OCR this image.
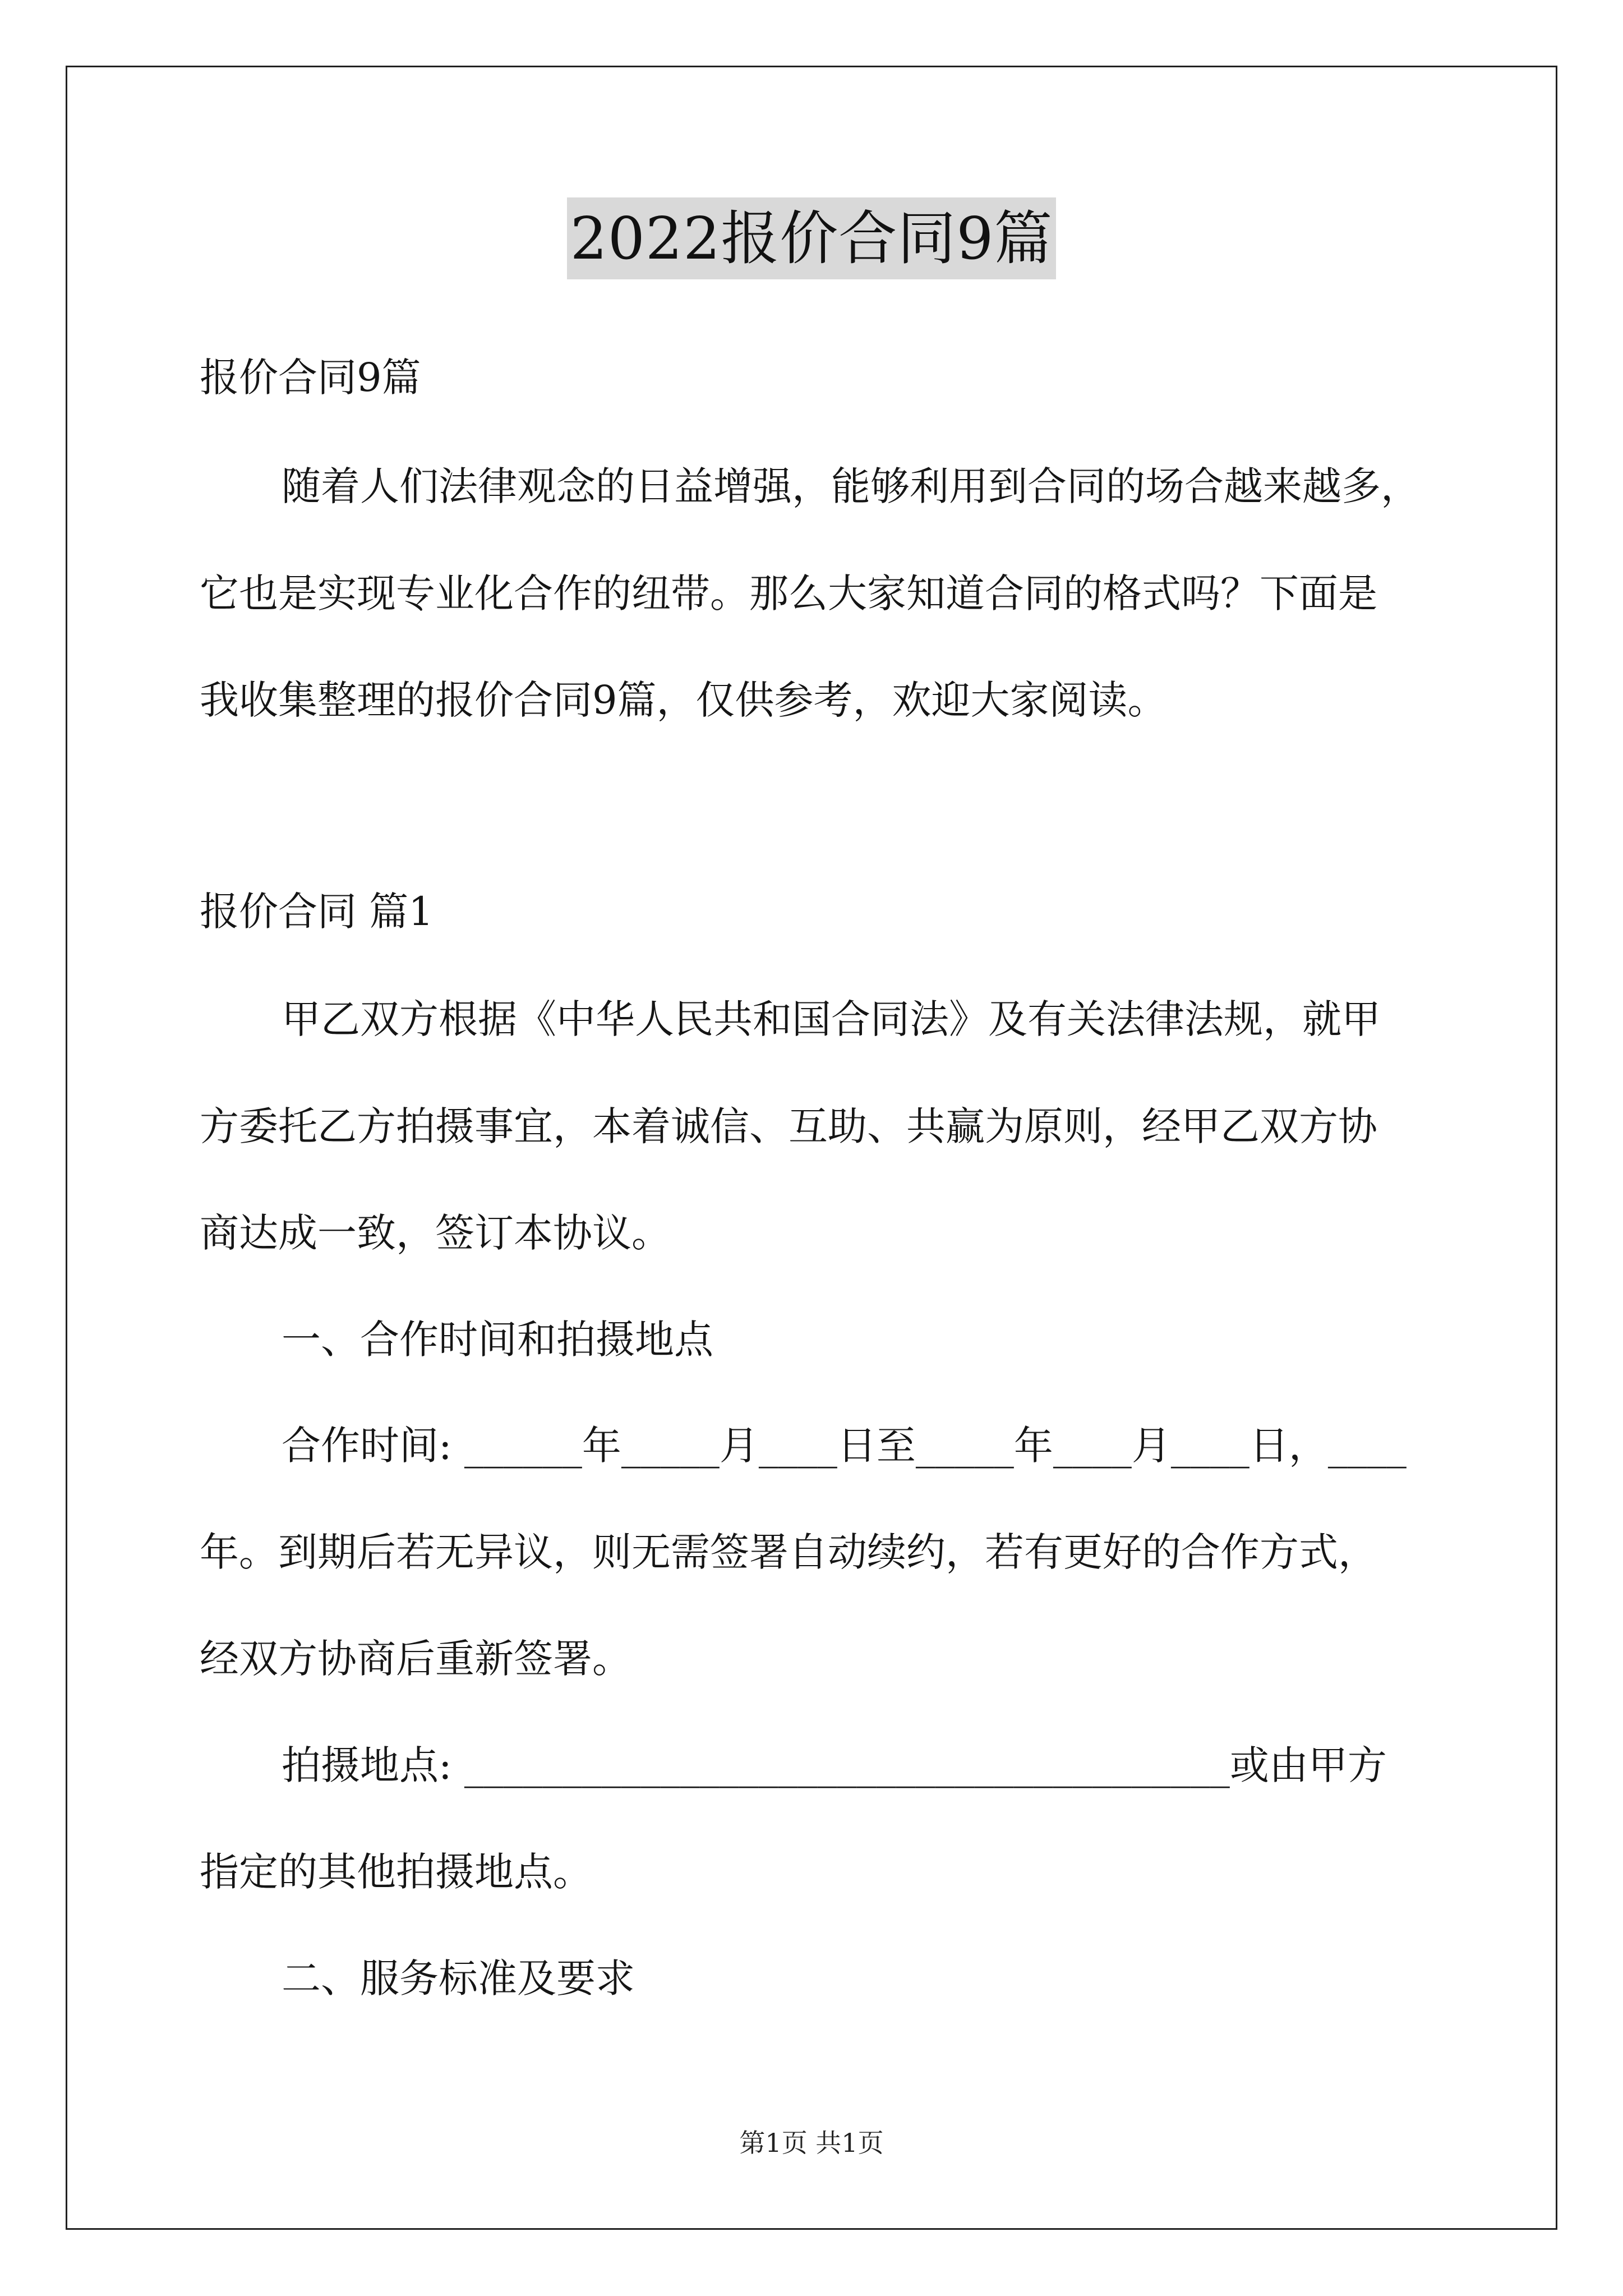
2022报价合同9篇
报价合同9篇
随着人们法律观念的日益增强，能够利用到合同的场合越来越多，
它也是实现专业化合作的纽带。那么大家知道合同的格式吗？下面是
我收集整理的报价合同9篇，仅供参考，欢迎大家阅读。
报价合同 篇1
甲乙双方根据《中华人民共和国合同法》及有关法律法规，就甲
方委托乙方拍摄事宜，本着诚信、互助、共赢为原则，经甲乙双方协
商达成一致，签订本协议。
一、合作时间和拍摄地点
合作时间: ______年_____月____日至_____年____月____日，____
年。到期后若无异议，则无需签署自动续约，若有更好的合作方式，
经双方协商后重新签署。
拍摄地点: _______________________________________或由甲方
指定的其他拍摄地点。
二、服务标准及要求
第1页 共1页
